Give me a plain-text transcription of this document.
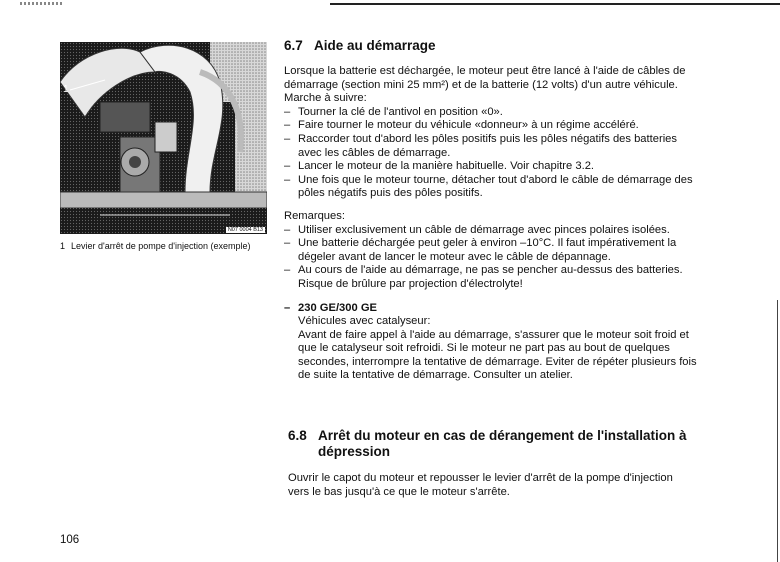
1
N07 0004 B13
1 Levier d'arrêt de pompe d'injection (exemple)
6.7 Aide au démarrage

Lorsque la batterie est déchargée, le moteur peut être lancé à l'aide de câbles de

démarrage (section mini 25 mm²) et de la batterie (12 volts) d'un autre véhicule.

Marche à suivre:

– Tourner la clé de l'antivol en position «0».
– Faire tourner le moteur du véhicule «donneur» à un régime accéléré.
– Raccorder tout d'abord les pôles positifs puis les pôles négatifs des batteries
avec les câbles de démarrage.
– Lancer le moteur de la manière habituelle. Voir chapitre 3.2.
– Une fois que le moteur tourne, détacher tout d'abord le câble de démarrage des
pôles négatifs puis des pôles positifs.

Remarques:

– Utiliser exclusivement un câble de démarrage avec pinces polaires isolées.
– Une batterie déchargée peut geler à environ –10°C. Il faut impérativement la
dégeler avant de lancer le moteur avec le câble de dépannage.
– Au cours de l'aide au démarrage, ne pas se pencher au-dessus des batteries.
Risque de brûlure par projection d'électrolyte!
– 230 GE/300 GE
Véhicules avec catalyseur:
Avant de faire appel à l'aide au démarrage, s'assurer que le moteur soit froid et
que le catalyseur soit refroidi. Si le moteur ne part pas au bout de quelques
secondes, interrompre la tentative de démarrage. Eviter de répéter plusieurs fois
de suite la tentative de démarrage. Consulter un atelier.
6.8 Arrêt du moteur en cas de dérangement de l'installation à
dépression

Ouvrir le capot du moteur et repousser le levier d'arrêt de la pompe d'injection

vers le bas jusqu'à ce que le moteur s'arrête.

106
